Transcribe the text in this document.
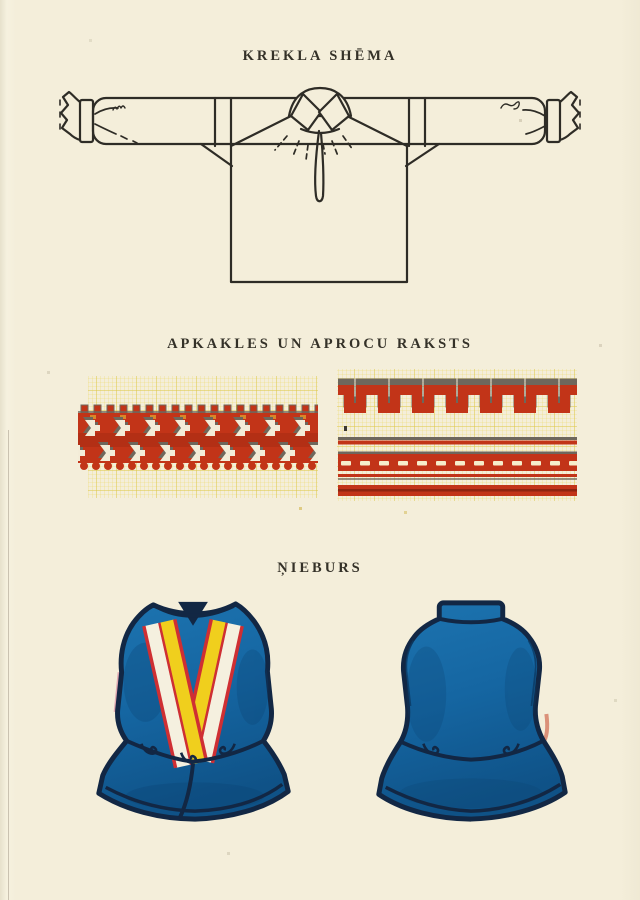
KREKLA SHĒMA
APKAKLES UN APROCU RAKSTS
ŅIEBURS
